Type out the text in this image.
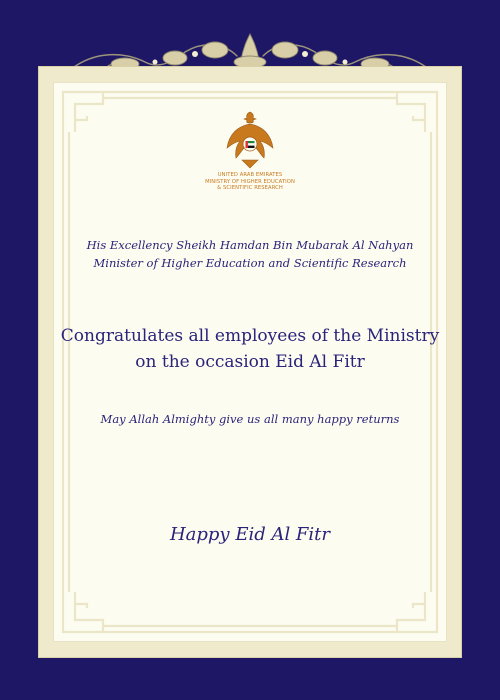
UNITED ARAB EMIRATES
MINISTRY OF HIGHER EDUCATION
& SCIENTIFIC RESEARCH
His Excellency Sheikh Hamdan Bin Mubarak Al Nahyan
Minister of Higher Education and Scientific Research
Congratulates all employees of the Ministry
on the occasion Eid Al Fitr
May Allah Almighty give us all many happy returns
Happy Eid Al Fitr
